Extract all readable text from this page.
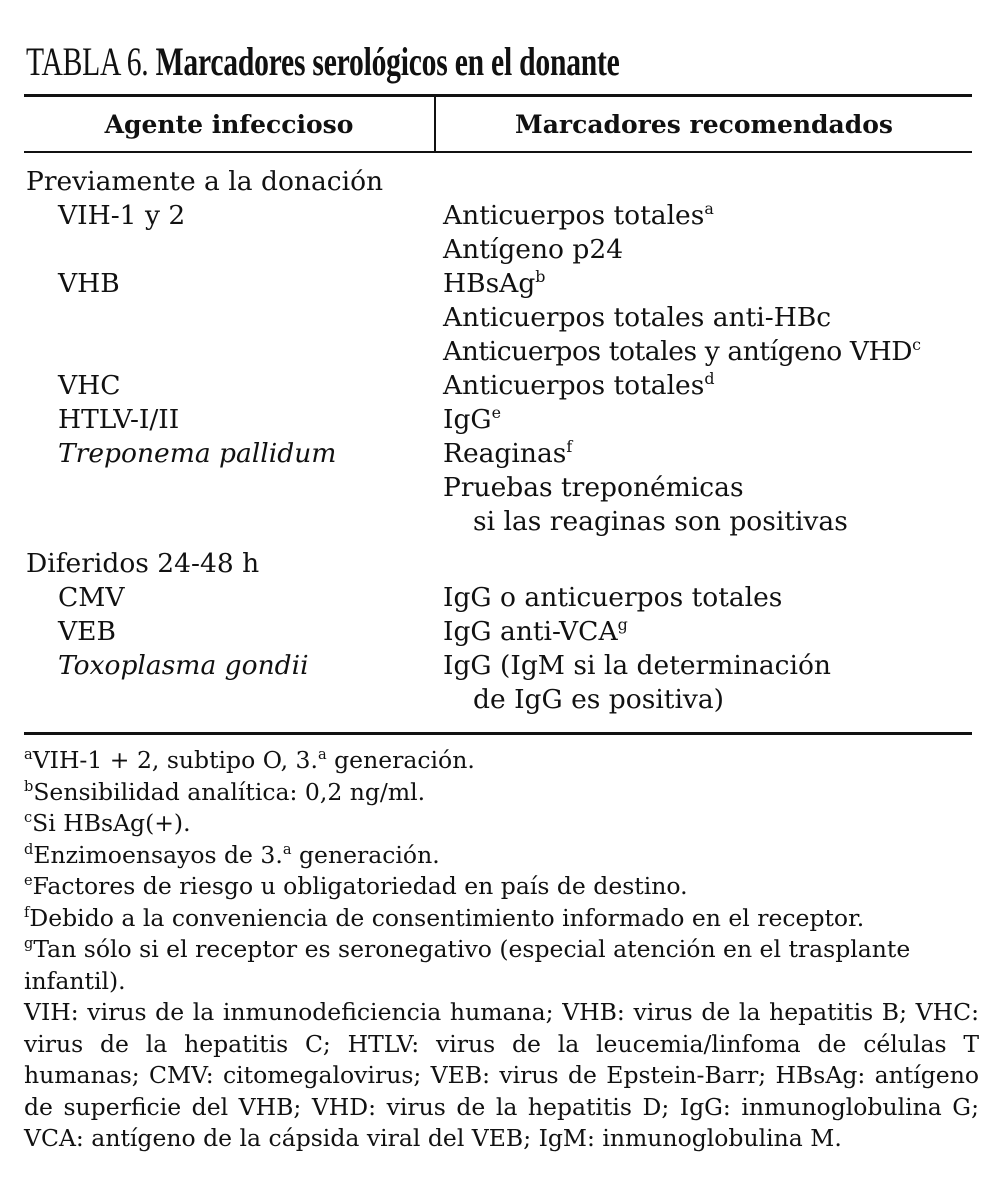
TABLA 6. Marcadores serológicos en el donante
Agente infeccioso	Marcadores recomendados
Previamente a la donación
VIH-1 y 2	Anticuerpos totales$^a$
Antígeno p24
VHB	HBsAg$^b$
Anticuerpos totales anti-HBc
Anticuerpos totales y antígeno VHD$^c$
VHC	Anticuerpos totales$^d$
HTLV-I/II	IgG$^e$
Treponema pallidum	Reaginas$^f$
Pruebas treponémicas
si las reaginas son positivas
Diferidos 24-48 h
CMV	IgG o anticuerpos totales
VEB	IgG anti-VCA$^g$
Toxoplasma gondii	IgG (IgM si la determinación
de IgG es positiva)
$^a$VIH-1 + 2, subtipo O, 3.$^a$ generación.
$^b$Sensibilidad analítica: 0,2 ng/ml.
$^c$Si HBsAg(+).
$^d$Enzimoensayos de 3.$^a$ generación.
$^e$Factores de riesgo u obligatoriedad en país de destino.
$^f$Debido a la conveniencia de consentimiento informado en el receptor.
$^g$Tan sólo si el receptor es seronegativo (especial atención en el trasplante infantil).
VIH: virus de la inmunodeficiencia humana; VHB: virus de la hepatitis B; VHC: virus de la hepatitis C; HTLV: virus de la leucemia/linfoma de células T humanas; CMV: citomegalovirus; VEB: virus de Epstein-Barr; HBsAg: antígeno de superficie del VHB; VHD: virus de la hepatitis D; IgG: inmunoglobulina G; VCA: antígeno de la cápsida viral del VEB; IgM: inmunoglobulina M.
